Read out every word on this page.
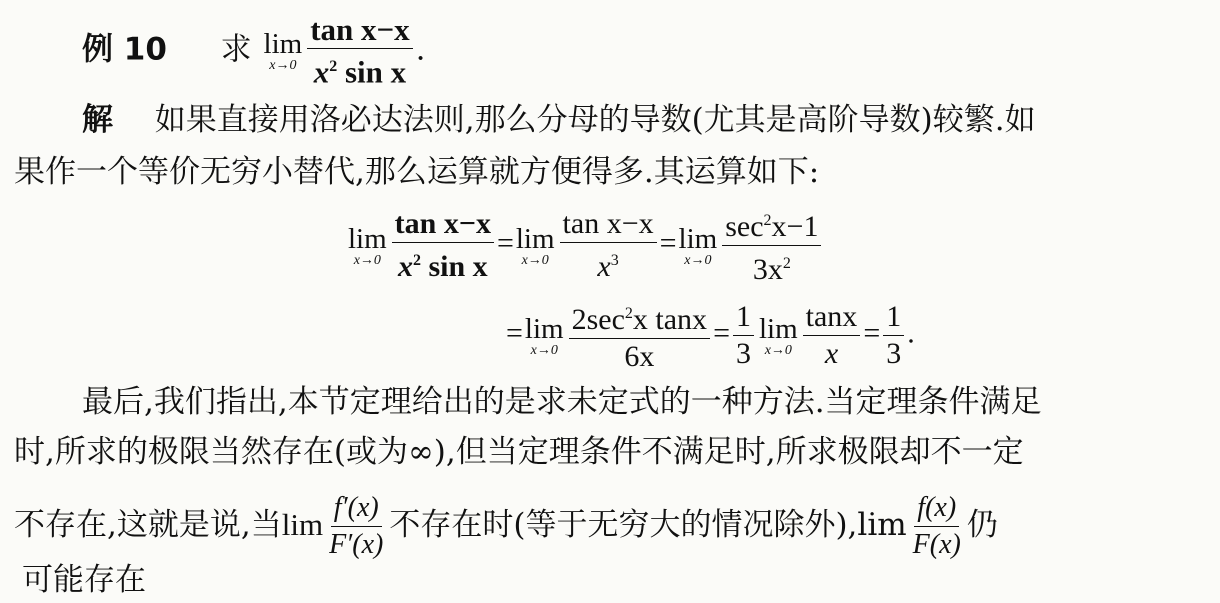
例 10 求 lim
$x\to 0 \frac{\text{tan x−x}}{x^2 \sin x}$ .
解 如果直接用洛必达法则,那么分母的导数(尤其是高阶导数)较繁.如
果作一个等价无穷小替代,那么运算就方便得多.其运算如下:
lim
$x\to 0 \frac{\text{tan x−x}}{x^2 \sin x} = \lim$
$x\to 0 \frac{\text{tan x−x}}{x^3} = \lim$
$x\to 0 \frac{\sec^2x-1}{3x^2}$
= lim
$x\to 0 \frac{2\sec^2x \tan x}{6x} = \frac{1}{3}$ lim
$x\to 0 \frac{\tan x}{x} = \frac{1}{3}$ .
最后,我们指出,本节定理给出的是求未定式的一种方法.当定理条件满足
时,所求的极限当然存在(或为∞),但当定理条件不满足时,所求极限却不一定
不存在,这就是说,当$\lim \frac{f'(x)}{F'(x)}$ 不存在时(等于无穷大的情况除外)$,\lim \frac{f(x)}{F(x)}$ 仍
可能存在
